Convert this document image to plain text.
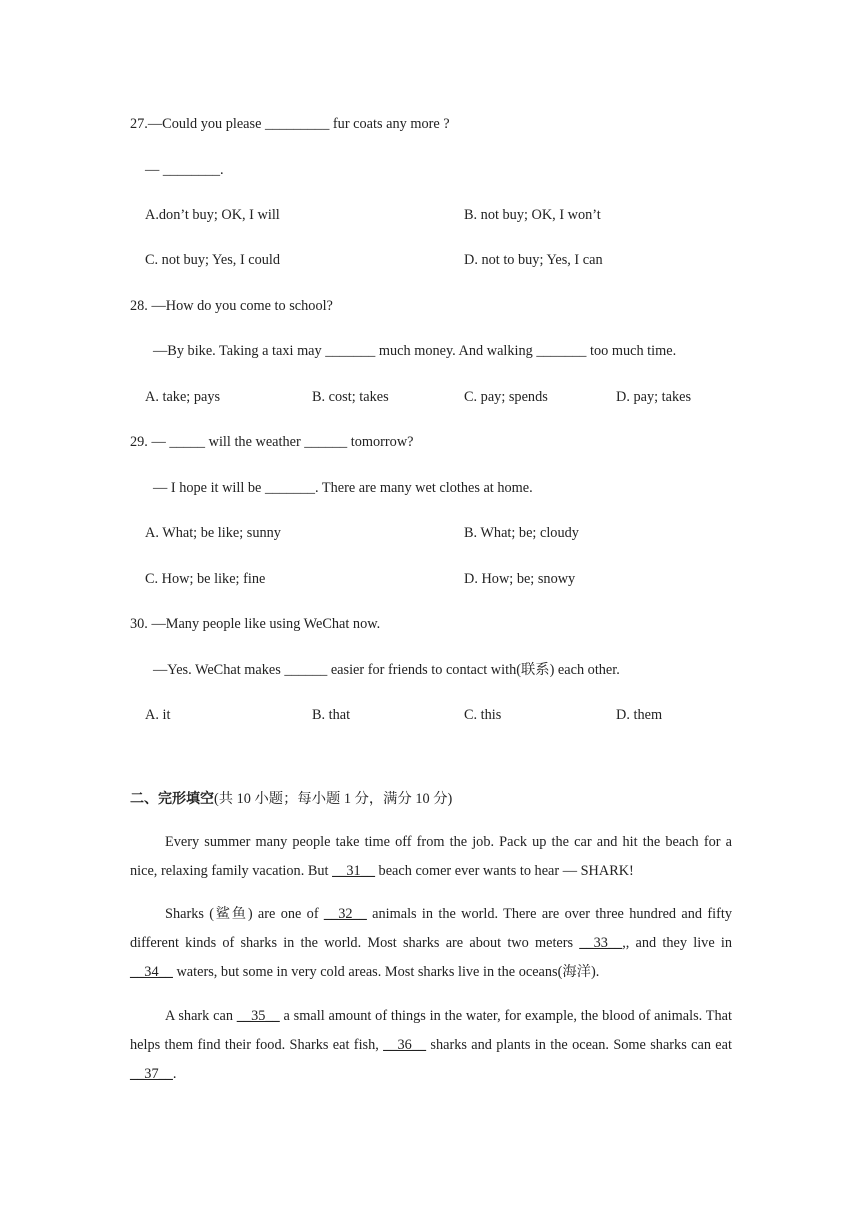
27.—Could you please _________ fur coats any more ?
— ________.
A.don’t buy; OK, I will	B. not buy; OK, I won’t
C. not buy; Yes, I could	D. not to buy; Yes, I can
28. —How do you come to school?
—By bike. Taking a taxi may _______ much money. And walking _______ too much time.
A. take; pays	B. cost; takes	C. pay; spends	D. pay; takes
29. — _____ will the weather ______ tomorrow?
— I hope it will be _______. There are many wet clothes at home.
A. What; be like; sunny	B. What; be; cloudy
C. How; be like; fine	D. How; be; snowy
30. —Many people like using WeChat now.
—Yes. WeChat makes ______ easier for friends to contact with(联系) each other.
A. it	B. that	C. this	D. them
二、完形填空(共 10 小题；每小题 1 分，满分 10 分)
Every summer many people take time off from the job. Pack up the car and hit the beach for a nice, relaxing family vacation. But __31__ beach comer ever wants to hear — SHARK!
Sharks (鲨鱼) are one of __32__ animals in the world. There are over three hundred and fifty different kinds of sharks in the world. Most sharks are about two meters __33__,, and they live in __34__ waters, but some in very cold areas. Most sharks live in the oceans(海洋).
A shark can __35__ a small amount of things in the water, for example, the blood of animals. That helps them find their food. Sharks eat fish, __36__ sharks and plants in the ocean. Some sharks can eat __37__.
